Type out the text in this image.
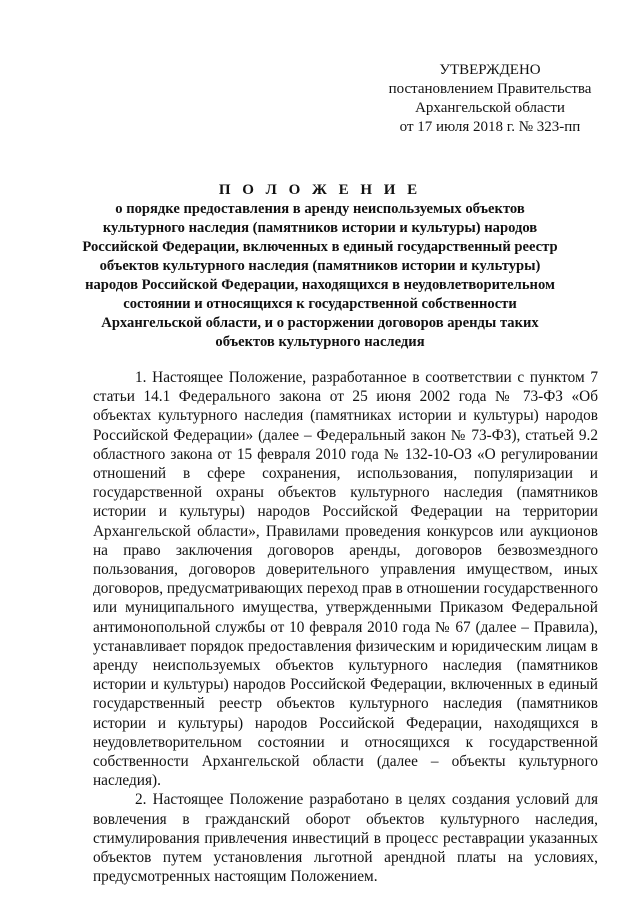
УТВЕРЖДЕНО
постановлением Правительства
Архангельской области
от 17 июля 2018 г. № 323-пп
П О Л О Ж Е Н И Е
о порядке предоставления в аренду неиспользуемых объектов
культурного наследия (памятников истории и культуры) народов
Российской Федерации, включенных в единый государственный реестр
объектов культурного наследия (памятников истории и культуры)
народов Российской Федерации, находящихся в неудовлетворительном
состоянии и относящихся к государственной собственности
Архангельской области, и о расторжении договоров аренды таких
объектов культурного наследия

1. Настоящее Положение, разработанное в соответствии с пунктом 7 статьи 14.1 Федерального закона от 25 июня 2002 года № 73-ФЗ «Об объектах культурного наследия (памятниках истории и культуры) народов Российской Федерации» (далее – Федеральный закон № 73-ФЗ), статьей 9.2 областного закона от 15 февраля 2010 года № 132-10-ОЗ «О регулировании отношений в сфере сохранения, использования, популяризации и государственной охраны объектов культурного наследия (памятников истории и культуры) народов Российской Федерации на территории Архангельской области», Правилами проведения конкурсов или аукционов на право заключения договоров аренды, договоров безвозмездного пользования, договоров доверительного управления имуществом, иных договоров, предусматривающих переход прав в отношении государственного или муниципального имущества, утвержденными Приказом Федеральной антимонопольной службы от 10 февраля 2010 года № 67 (далее – Правила), устанавливает порядок предоставления физическим и юридическим лицам в аренду неиспользуемых объектов культурного наследия (памятников истории и культуры) народов Российской Федерации, включенных в единый государственный реестр объектов культурного наследия (памятников истории и культуры) народов Российской Федерации, находящихся в неудовлетворительном состоянии и относящихся к государственной собственности Архангельской области (далее – объекты культурного наследия).

2. Настоящее Положение разработано в целях создания условий для вовлечения в гражданский оборот объектов культурного наследия, стимулирования привлечения инвестиций в процесс реставрации указанных объектов путем установления льготной арендной платы на условиях, предусмотренных настоящим Положением.
